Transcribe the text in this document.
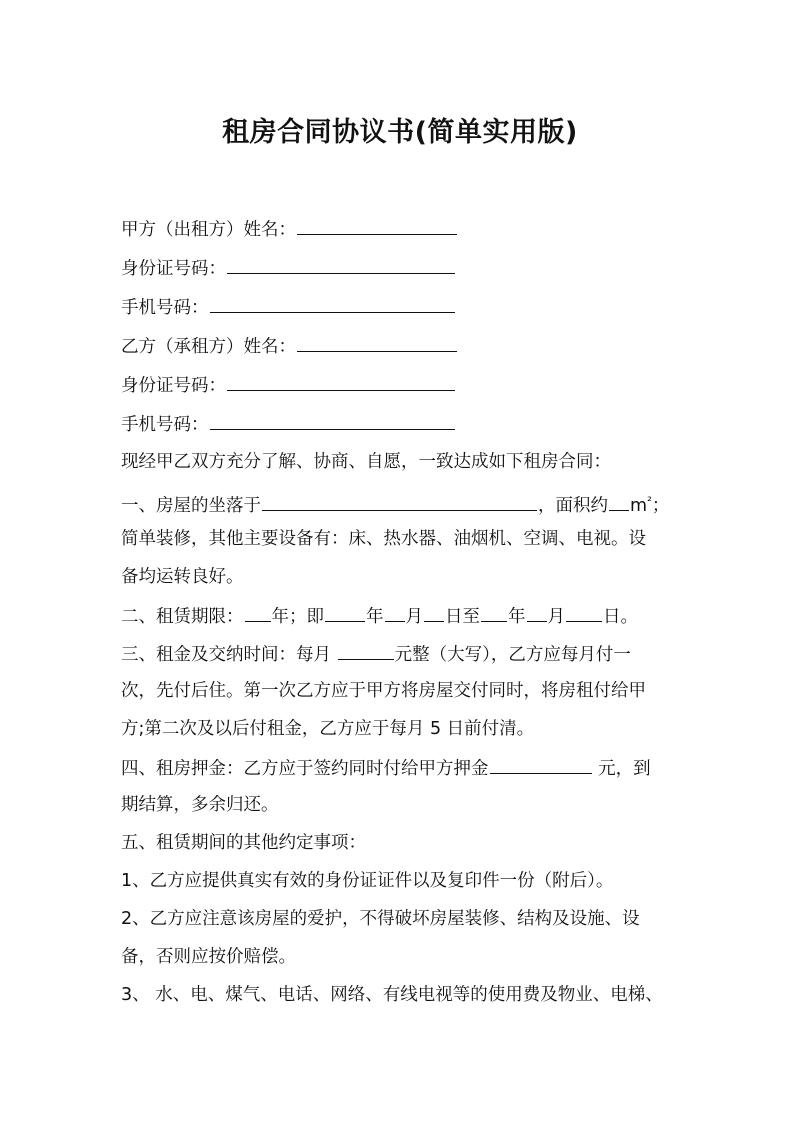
租房合同协议书(简单实用版)
甲方（出租方）姓名：
身份证号码：
手机号码：
乙方（承租方）姓名：
身份证号码：
手机号码：
现经甲乙双方充分了解、协商、自愿，一致达成如下租房合同：
一、房屋的坐落于	，面积约 $m^{^2}$；
简单装修，其他主要设备有：床、热水器、油烟机、空调、电视。设
备均运转良好。
二、租赁期限： 年；即 年 月 日至 年 月 日。
三、租金及交纳时间：每月	元整（大写），乙方应每月付一
次，先付后住。第一次乙方应于甲方将房屋交付同时，将房租付给甲
方;第二次及以后付租金，乙方应于每月 5 日前付清。
四、租房押金：乙方应于签约同时付给甲方押金	元，到
期结算，多余归还。
五、租赁期间的其他约定事项：
1、乙方应提供真实有效的身份证证件以及复印件一份（附后）。
2、乙方应注意该房屋的爱护，不得破坏房屋装修、结构及设施、设
备，否则应按价赔偿。
3、 水、电、煤气、电话、网络、有线电视等的使用费及物业、电梯、
